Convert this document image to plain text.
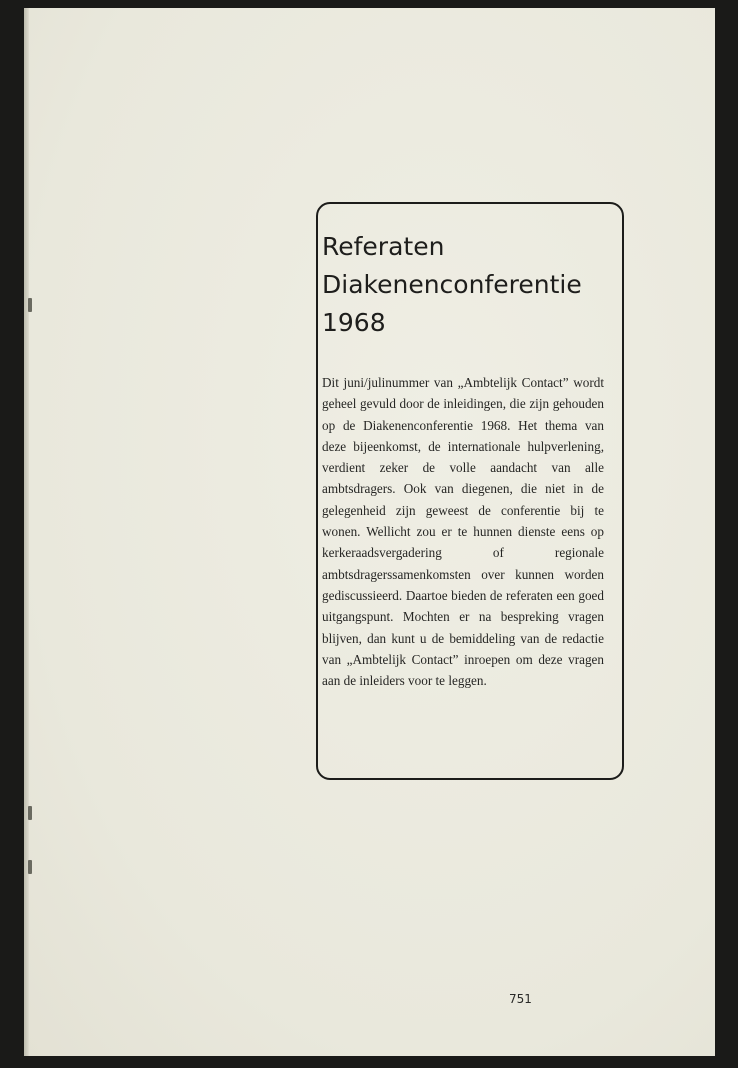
Referaten
Diakenenconferentie
1968

Dit juni/julinummer van „Ambtelijk Contact” wordt geheel gevuld door de inleidingen, die zijn gehouden op de Diakenenconferentie 1968. Het thema van deze bijeenkomst, de internationale hulpverlening, verdient zeker de volle aandacht van alle ambtsdragers. Ook van diegenen, die niet in de gelegenheid zijn geweest de conferentie bij te wonen. Wellicht zou er te hunnen dienste eens op kerkeraadsvergadering of regionale ambtsdragerssamenkomsten over kunnen worden gediscussieerd. Daartoe bieden de referaten een goed uitgangspunt. Mochten er na bespreking vragen blijven, dan kunt u de bemiddeling van de redactie van „Ambtelijk Contact” inroepen om deze vragen aan de inleiders voor te leggen.

751
